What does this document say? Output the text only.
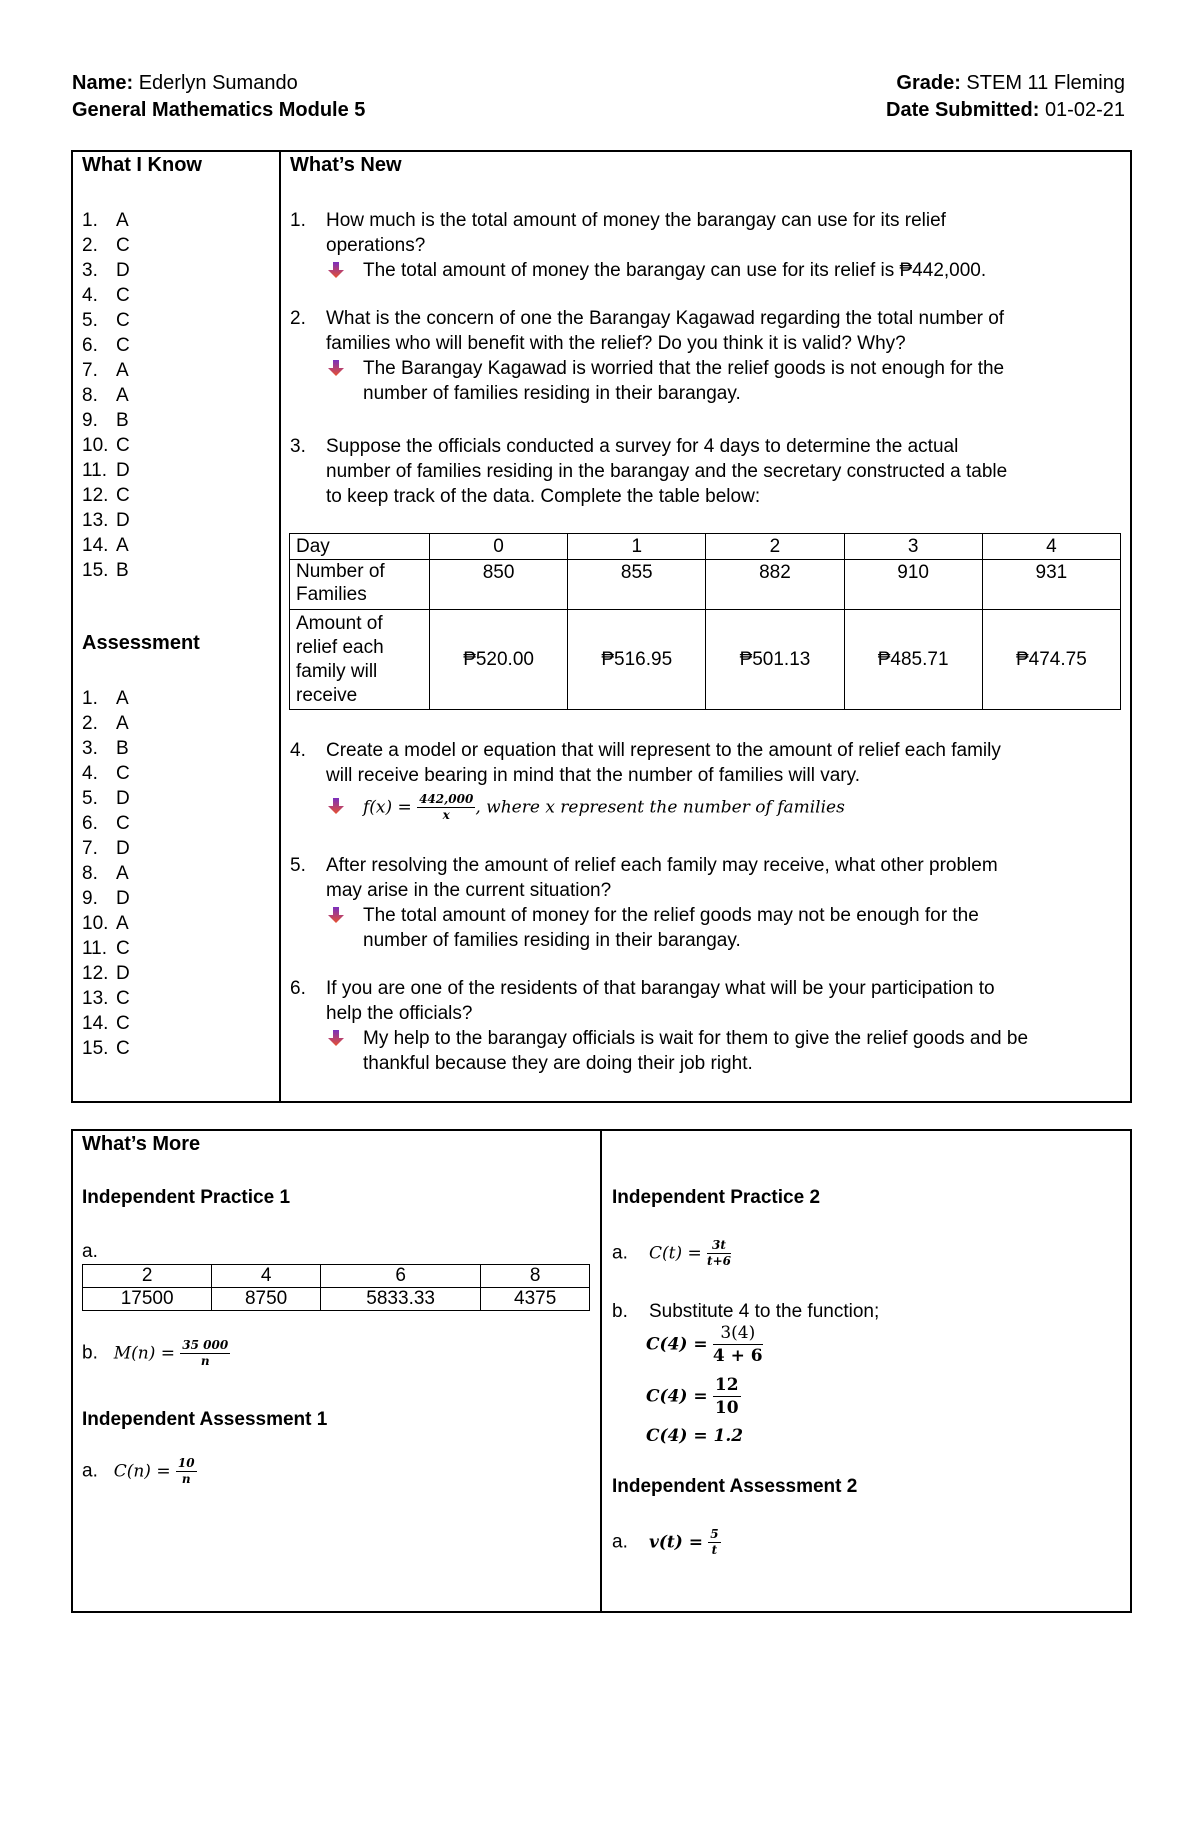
Name: Ederlyn Sumando
General Mathematics Module 5
Grade: STEM 11 Fleming
Date Submitted: 01-02-21
What I Know
1. A
2. C
3. D
4. C
5. C
6. C
7. A
8. A
9. B
10. C
11. D
12. C
13. D
14. A
15. B
Assessment
1. A
2. A
3. B
4. C
5. D
6. C
7. D
8. A
9. D
10. A
11. C
12. D
13. C
14. C
15. C
What’s New
1. How much is the total amount of money the barangay can use for its relief
operations?
The total amount of money the barangay can use for its relief is ₱442,000.
2. What is the concern of one the Barangay Kagawad regarding the total number of
families who will benefit with the relief? Do you think it is valid? Why?
The Barangay Kagawad is worried that the relief goods is not enough for the
number of families residing in their barangay.
3. Suppose the officials conducted a survey for 4 days to determine the actual
number of families residing in the barangay and the secretary constructed a table
to keep track of the data. Complete the table below:
Day	0	1	2	3	4
Number of
Families	850	855	882	910	931
Amount of
relief each
family will
receive	₱520.00	₱516.95	₱501.13	₱485.71	₱474.75
4. Create a model or equation that will represent to the amount of relief each family
will receive bearing in mind that the number of families will vary.
$f(x) = \frac{442,000}{x}$ , where x represent the number of families
5. After resolving the amount of relief each family may receive, what other problem
may arise in the current situation?
The total amount of money for the relief goods may not be enough for the
number of families residing in their barangay.
6. If you are one of the residents of that barangay what will be your participation to
help the officials?
My help to the barangay officials is wait for them to give the relief goods and be
thankful because they are doing their job right.
What’s More
Independent Practice 1
a.
2	4	6	8
17500	8750	5833.33	4375
b. $M(n) = \frac{35 000}{n}$
Independent Assessment 1
a. $C(n) = \frac{10}{n}$
Independent Practice 2
a. $C(t) = \frac{3t}{t+6}$
b. Substitute 4 to the function;
$C(4) = \frac{3(4)}{4 + 6}$
$C(4) = \frac{12}{10}$
C(4) = 1.2
Independent Assessment 2
a. $v(t) = \frac{5}{t}$
